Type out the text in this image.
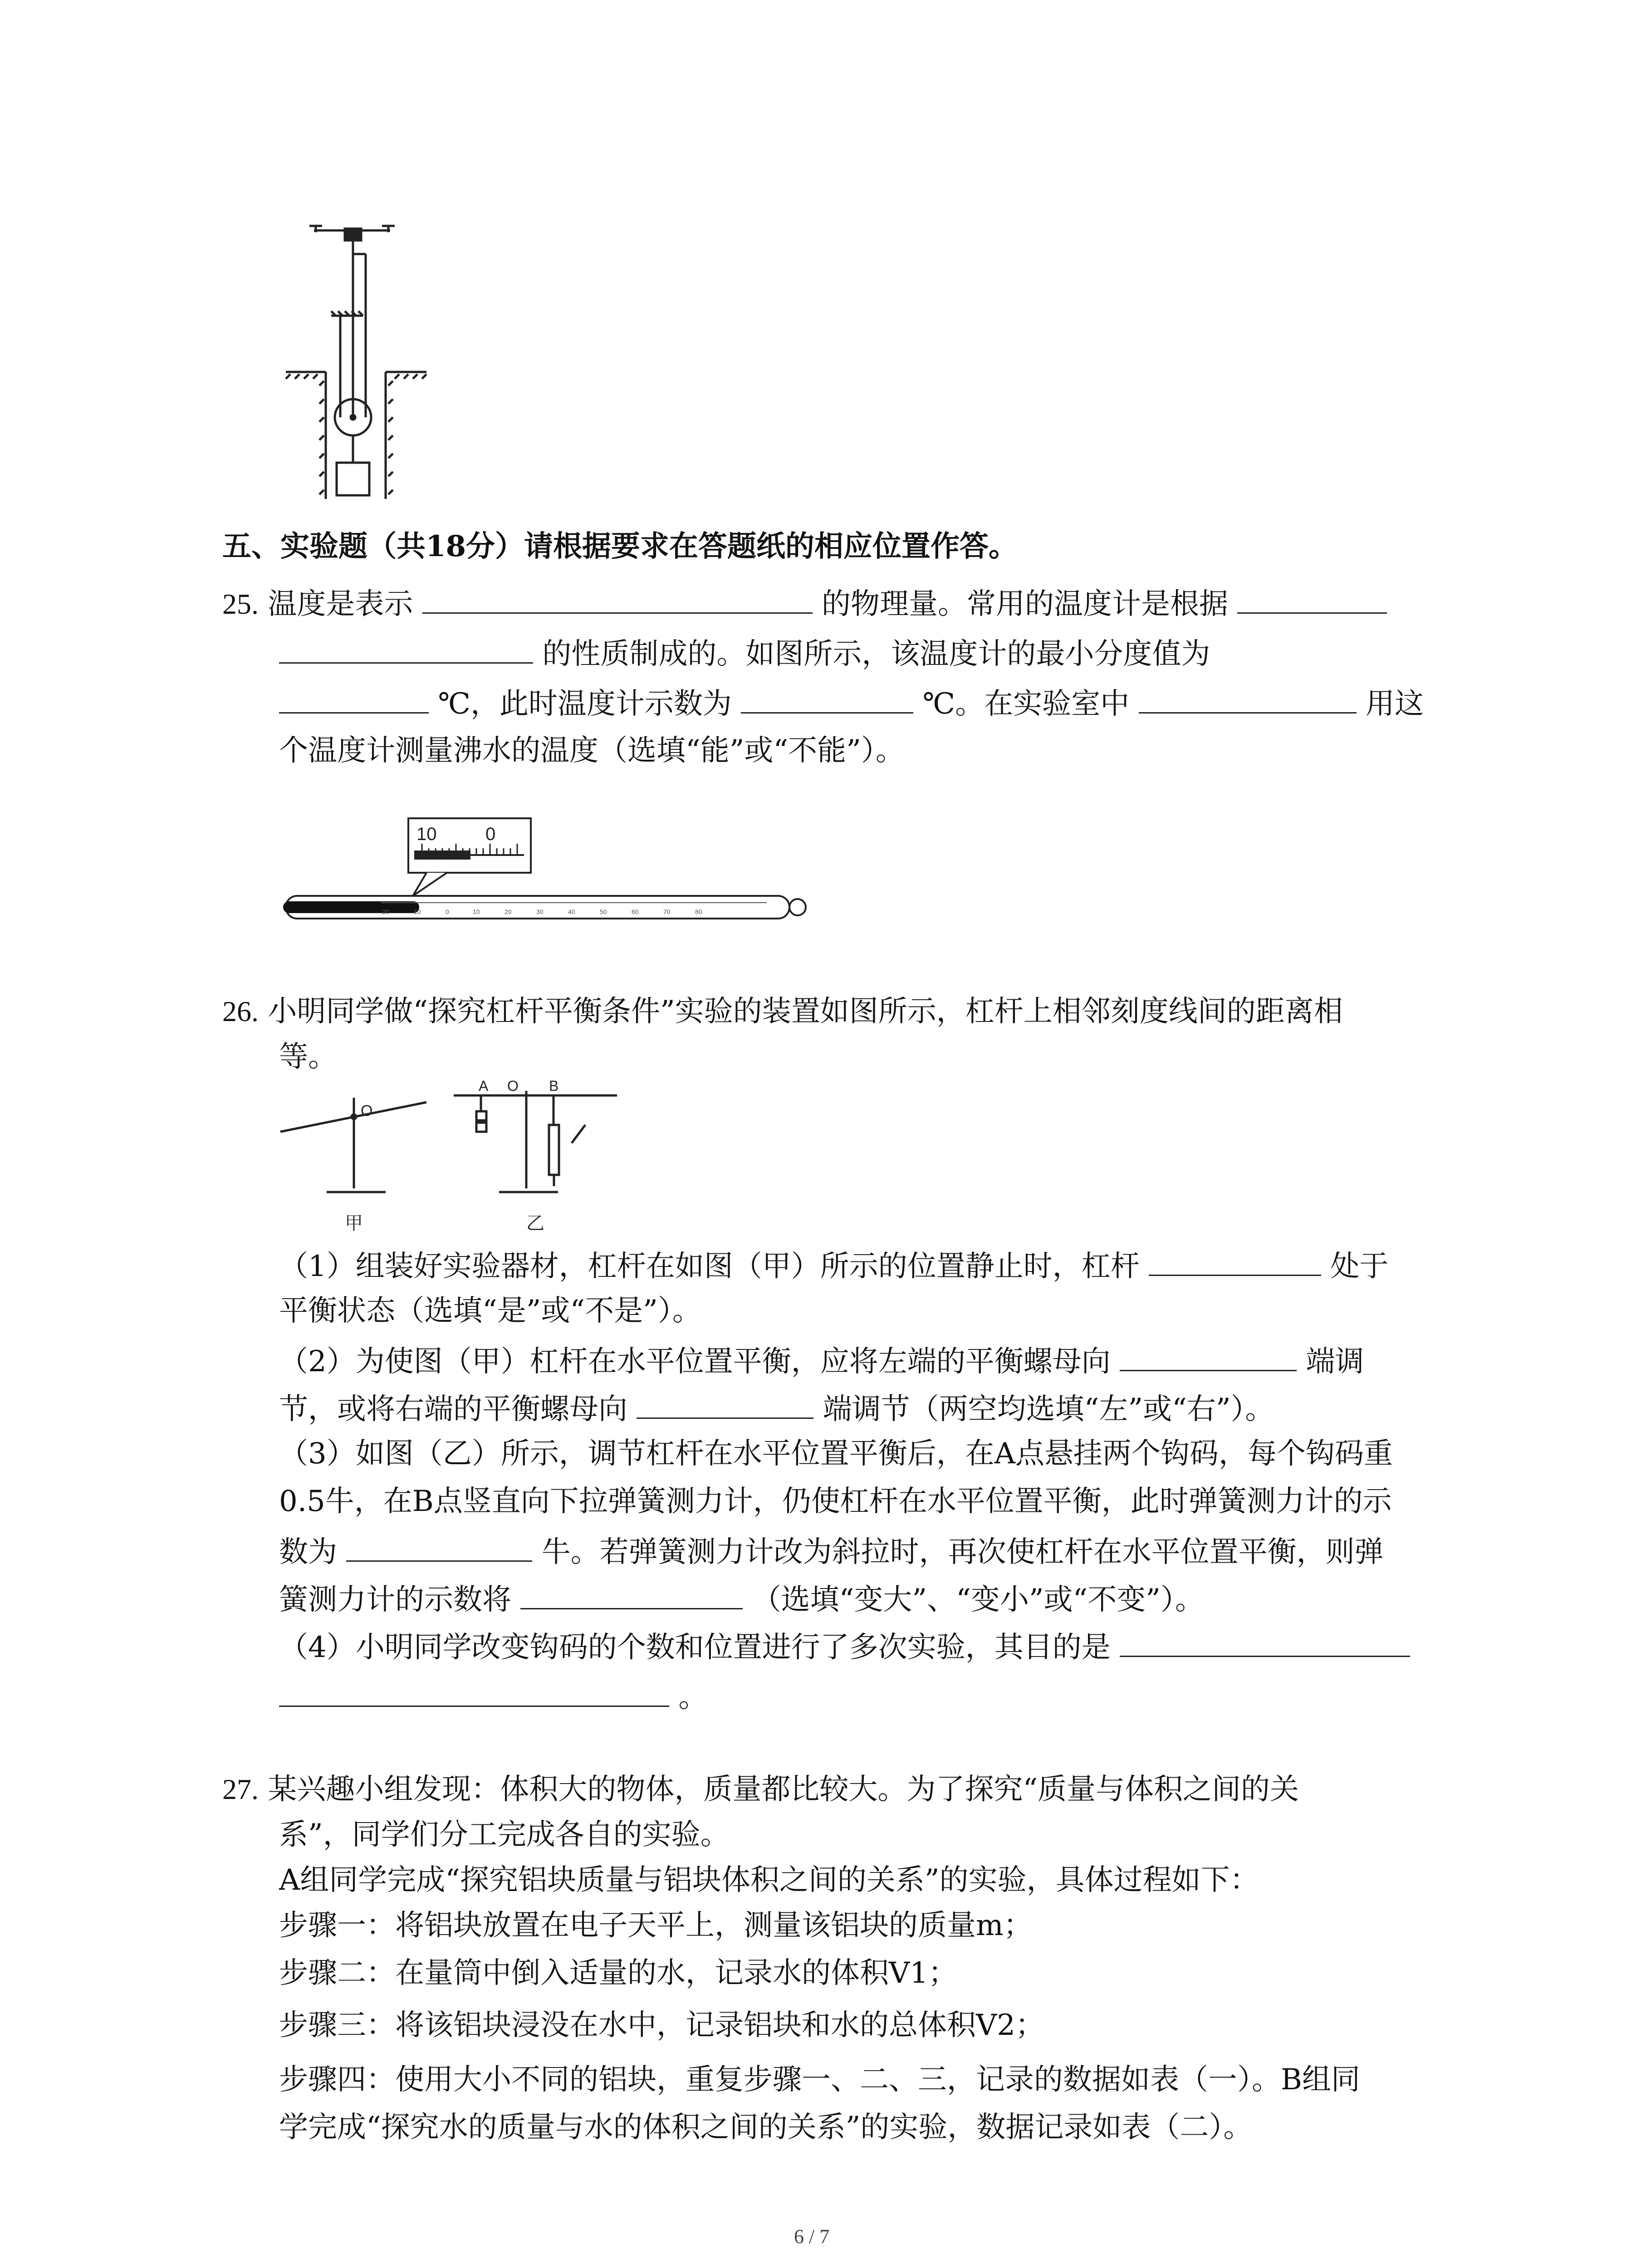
五、实验题（共18分）请根据要求在答题纸的相应位置作答。
25. 温度是表示	的物理量。常用的温度计是根据
的性质制成的。如图所示，该温度计的最小分度值为
℃，此时温度计示数为	℃。在实验室中	用这
个温度计测量沸水的温度（选填“能”或“不能”）。
10	0
20	10	0	10	20	30	40	50	60	70	80
26. 小明同学做“探究杠杆平衡条件”实验的装置如图所示，杠杆上相邻刻度线间的距离相
等。
O
A O B
甲	乙
（1）组装好实验器材，杠杆在如图（甲）所示的位置静止时，杠杆	处于
平衡状态（选填“是”或“不是”）。
（2）为使图（甲）杠杆在水平位置平衡，应将左端的平衡螺母向	端调
节，或将右端的平衡螺母向	端调节（两空均选填“左”或“右”）。
（3）如图（乙）所示，调节杠杆在水平位置平衡后，在A点悬挂两个钩码，每个钩码重
0.5牛，在B点竖直向下拉弹簧测力计，仍使杠杆在水平位置平衡，此时弹簧测力计的示
数为	牛。若弹簧测力计改为斜拉时，再次使杠杆在水平位置平衡，则弹
簧测力计的示数将	（选填“变大”、“变小”或“不变”）。
（4）小明同学改变钩码的个数和位置进行了多次实验，其目的是
。
27. 某兴趣小组发现：体积大的物体，质量都比较大。为了探究“质量与体积之间的关
系”，同学们分工完成各自的实验。
A组同学完成“探究铝块质量与铝块体积之间的关系”的实验，具体过程如下：
步骤一：将铝块放置在电子天平上，测量该铝块的质量m；
步骤二：在量筒中倒入适量的水，记录水的体积V1；
步骤三：将该铝块浸没在水中，记录铝块和水的总体积V2；
步骤四：使用大小不同的铝块，重复步骤一、二、三，记录的数据如表（一）。B组同
学完成“探究水的质量与水的体积之间的关系”的实验，数据记录如表（二）。
6 / 7
